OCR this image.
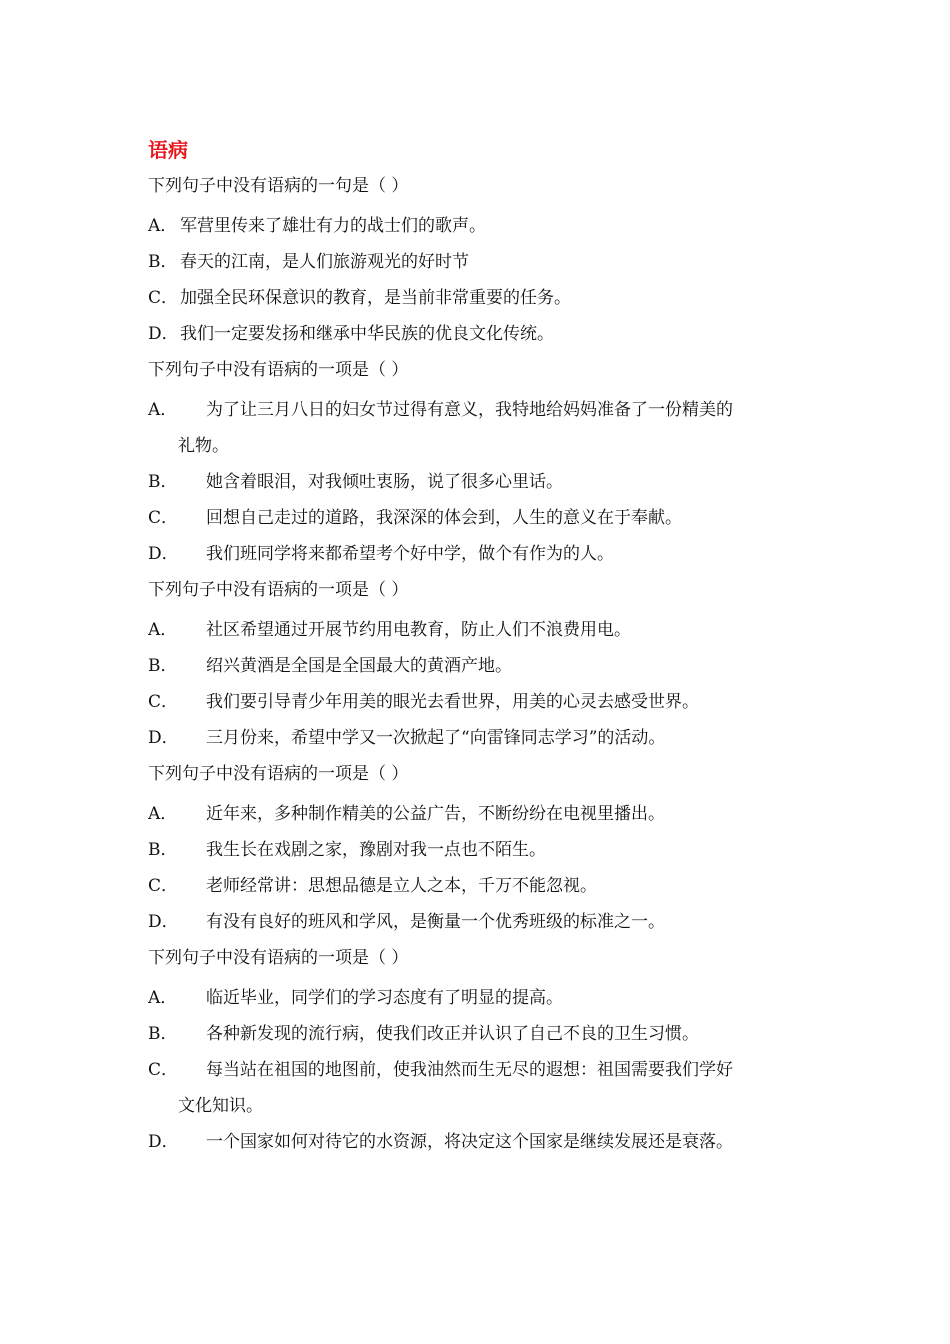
语病

下列句子中没有语病的一句是（ ）

A． 军营里传来了雄壮有力的战士们的歌声。
B． 春天的江南，是人们旅游观光的好时节
C． 加强全民环保意识的教育，是当前非常重要的任务。
D． 我们一定要发扬和继承中华民族的优良文化传统。

下列句子中没有语病的一项是（ ）

A．	为了让三月八日的妇女节过得有意义，我特地给妈妈准备了一份精美的
礼物。
B．	她含着眼泪，对我倾吐衷肠，说了很多心里话。
C．	回想自己走过的道路，我深深的体会到，人生的意义在于奉献。
D．	我们班同学将来都希望考个好中学，做个有作为的人。

下列句子中没有语病的一项是（ ）

A．	社区希望通过开展节约用电教育，防止人们不浪费用电。
B．	绍兴黄酒是全国是全国最大的黄酒产地。
C．	我们要引导青少年用美的眼光去看世界，用美的心灵去感受世界。
D．	三月份来，希望中学又一次掀起了“向雷锋同志学习”的活动。

下列句子中没有语病的一项是（ ）

A．	近年来，多种制作精美的公益广告，不断纷纷在电视里播出。
B．	我生长在戏剧之家，豫剧对我一点也不陌生。
C．	老师经常讲：思想品德是立人之本，千万不能忽视。
D．	有没有良好的班风和学风，是衡量一个优秀班级的标准之一。

下列句子中没有语病的一项是（ ）

A．	临近毕业，同学们的学习态度有了明显的提高。
B．	各种新发现的流行病，使我们改正并认识了自己不良的卫生习惯。
C．	每当站在祖国的地图前，使我油然而生无尽的遐想：祖国需要我们学好
文化知识。
D．	一个国家如何对待它的水资源，将决定这个国家是继续发展还是衰落。
